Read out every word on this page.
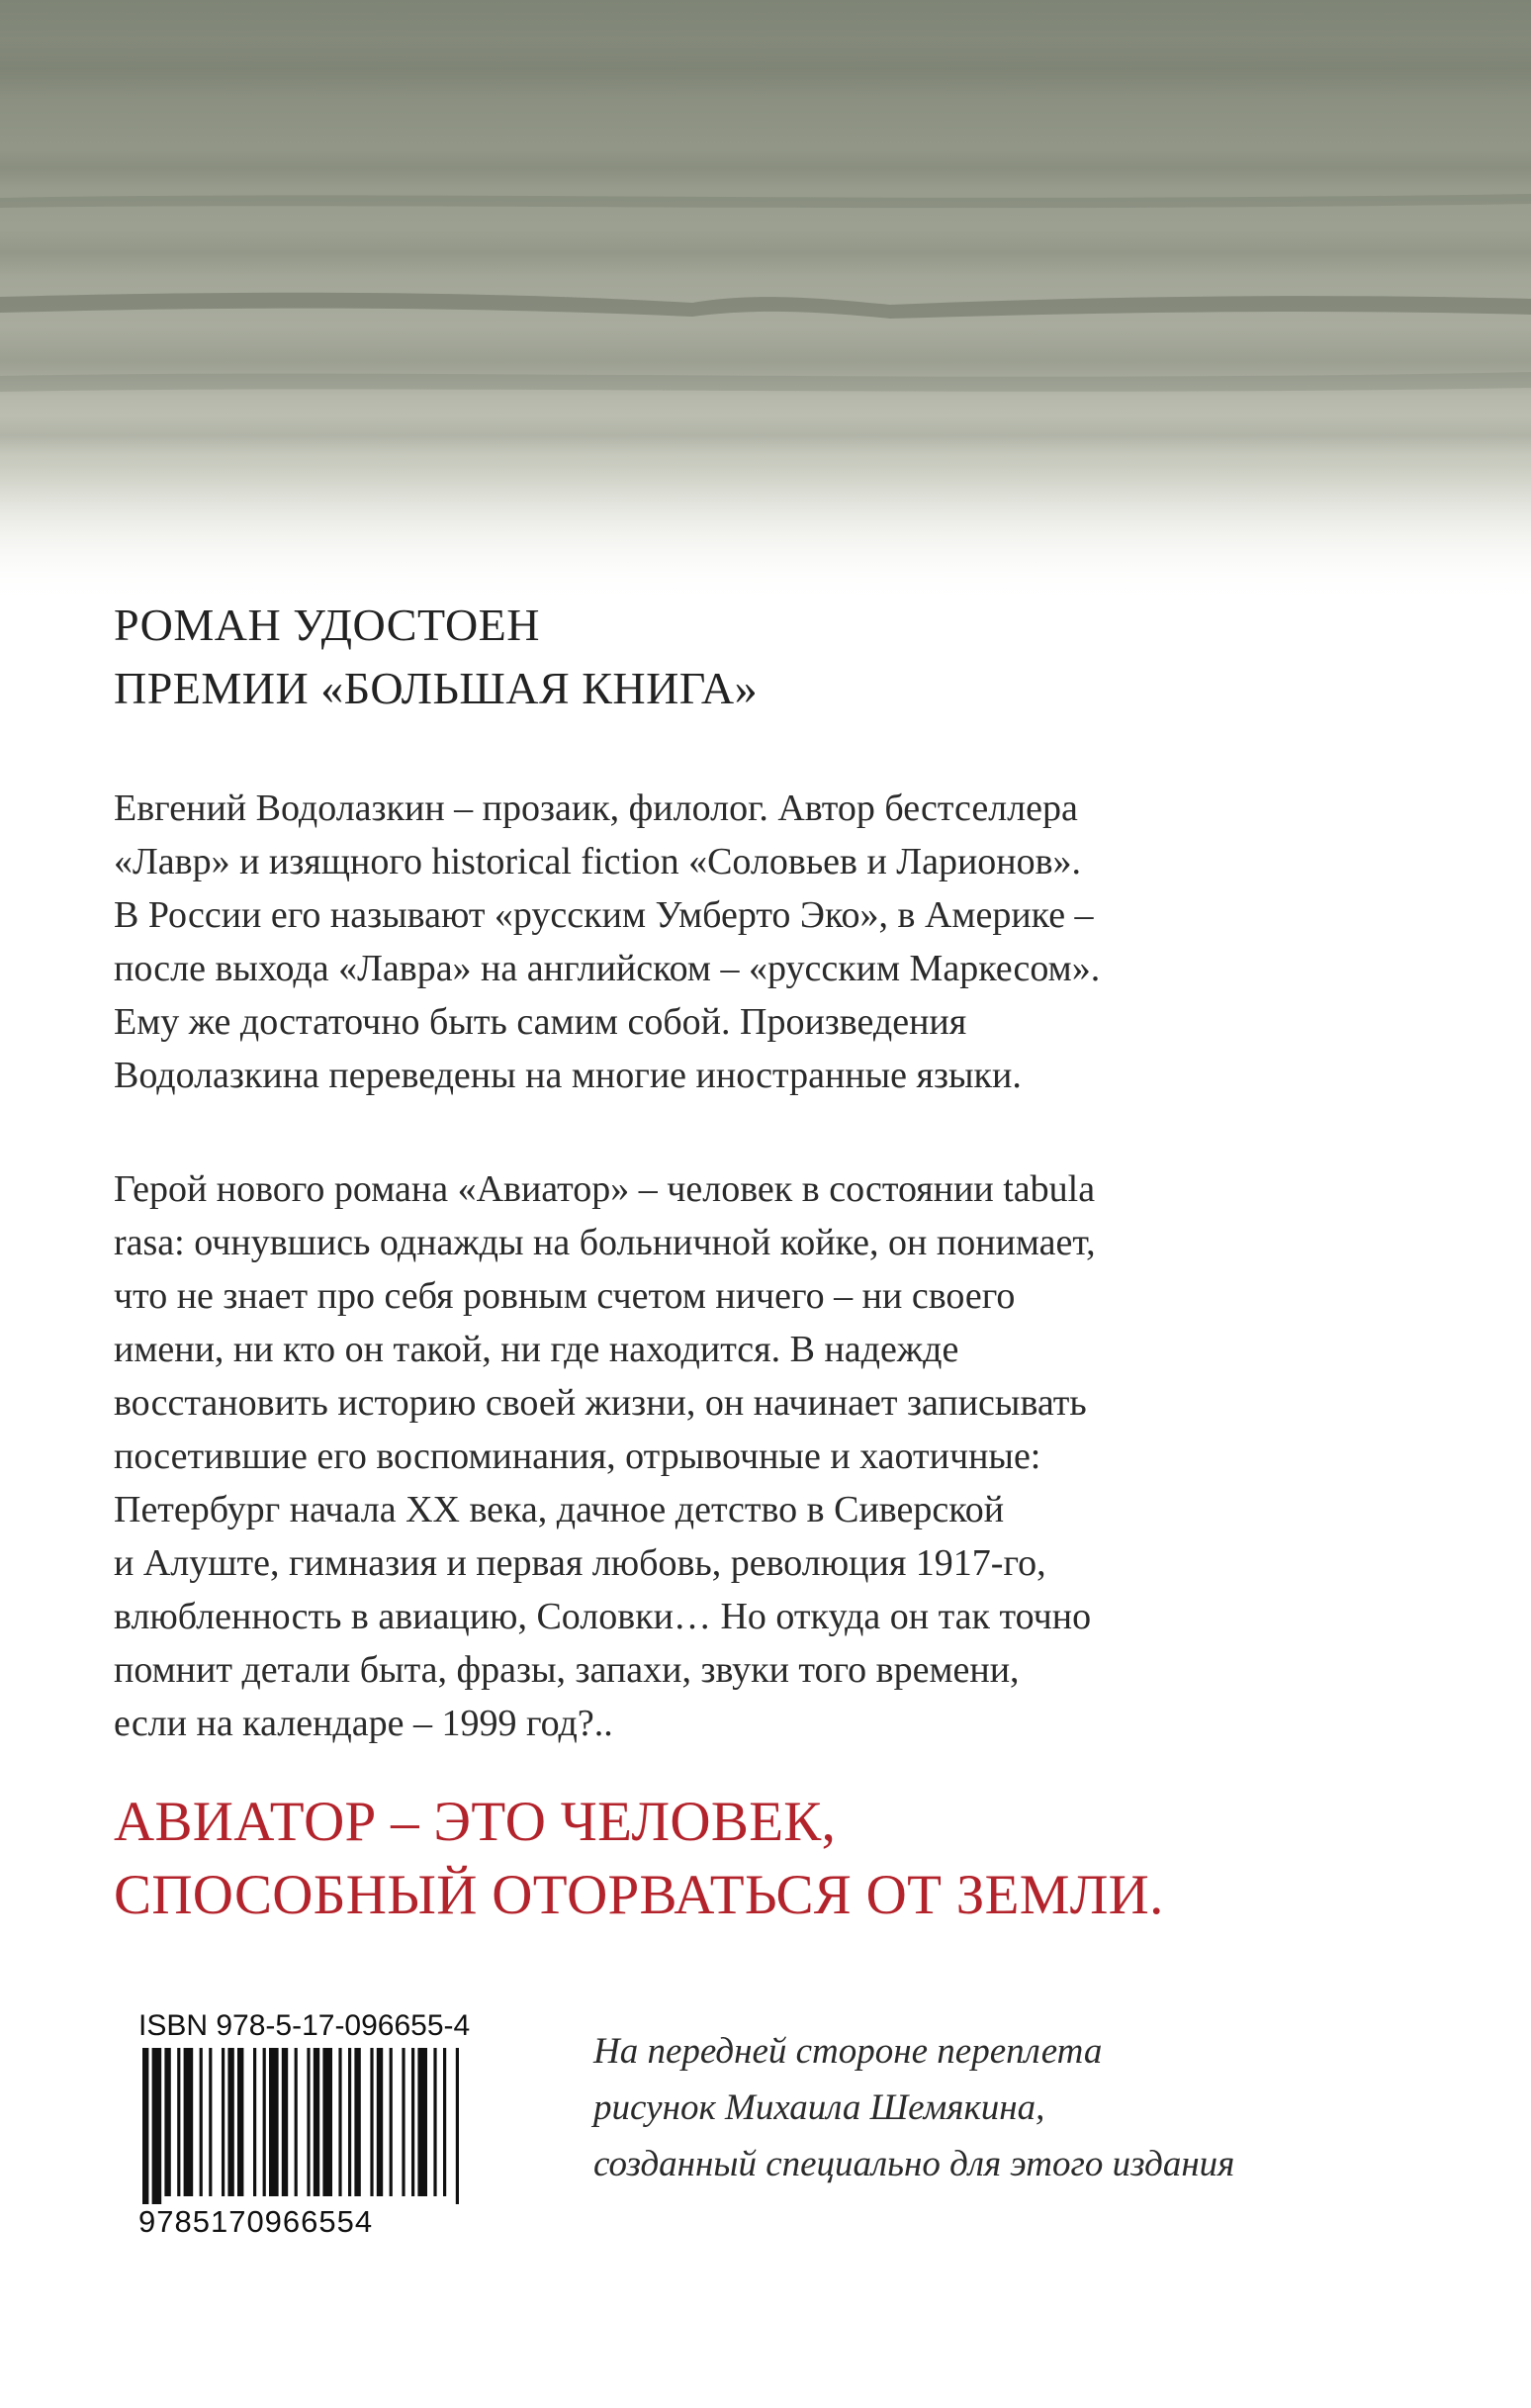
РОМАН УДОСТОЕН
ПРЕМИИ «БОЛЬШАЯ КНИГА»
Евгений Водолазкин – прозаик, филолог. Автор бестселлера
«Лавр» и изящного historical fiction «Соловьев и Ларионов».
В России его называют «русским Умберто Эко», в Америке –
после выхода «Лавра» на английском – «русским Маркесом».
Ему же достаточно быть самим собой. Произведения
Водолазкина переведены на многие иностранные языки.
Герой нового романа «Авиатор» – человек в состоянии tabula
rasa: очнувшись однажды на больничной койке, он понимает,
что не знает про себя ровным счетом ничего – ни своего
имени, ни кто он такой, ни где находится. В надежде
восстановить историю своей жизни, он начинает записывать
посетившие его воспоминания, отрывочные и хаотичные:
Петербург начала XX века, дачное детство в Сиверской
и Алуште, гимназия и первая любовь, революция 1917-го,
влюбленность в авиацию, Соловки… Но откуда он так точно
помнит детали быта, фразы, запахи, звуки того времени,
если на календаре – 1999 год?..
АВИАТОР – ЭТО ЧЕЛОВЕК,
СПОСОБНЫЙ ОТОРВАТЬСЯ ОТ ЗЕМЛИ.
ISBN 978-5-17-096655-4
9785170966554
На передней стороне переплета
рисунок Михаила Шемякина,
созданный специально для этого издания
